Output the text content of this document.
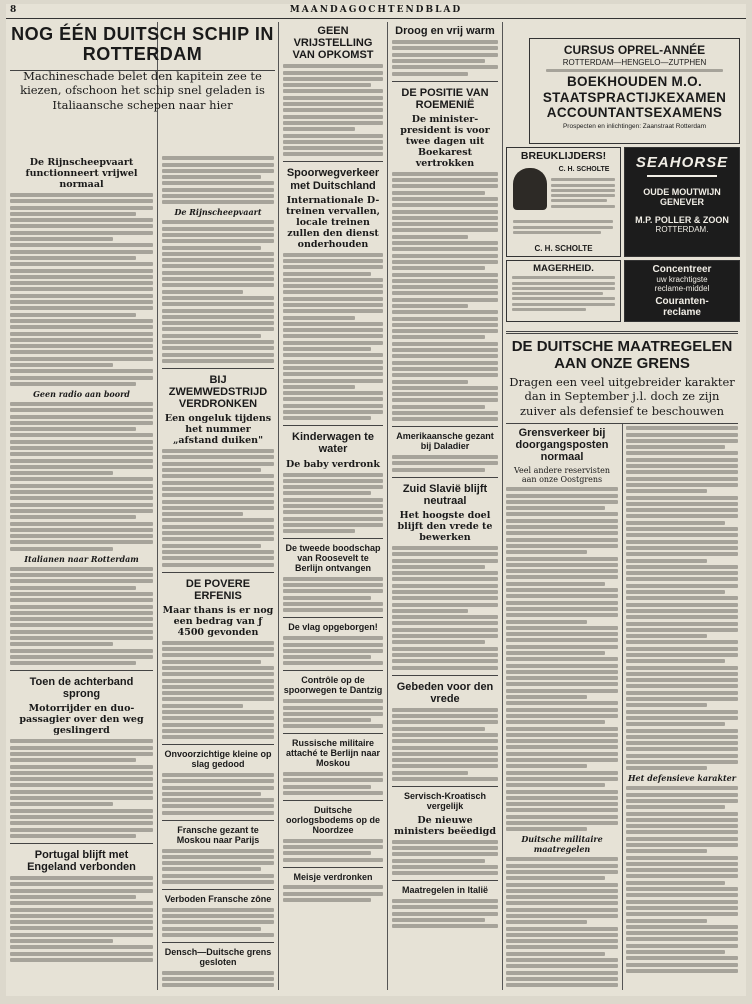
8	MAANDAGOCHTENDBLAD
NOG ÉÉN DUITSCH SCHIP IN ROTTERDAM
Machineschade belet den kapitein zee te kiezen, ofschoon het schip snel geladen is Italiaansche schepen naar hier
De Rijnscheepvaart functionneert vrijwel normaal
Geen radio aan boord
Italianen naar Rotterdam
Toen de achterband sprong
Motorrijder en duo-passagier over den weg geslingerd
Portugal blijft met Engeland verbonden
De Rijnscheepvaart
BIJ ZWEMWEDSTRIJD VERDRONKEN
Een ongeluk tijdens het nummer „afstand duiken"
DE POVERE ERFENIS
Maar thans is er nog een bedrag van ƒ 4500 gevonden
Onvoorzichtige kleine op slag gedood
Fransche gezant te Moskou naar Parijs
Verboden Fransche zône
Densch—Duitsche grens gesloten
GEEN VRIJSTELLING VAN OPKOMST
Spoorwegverkeer met Duitschland
Internationale D-treinen vervallen, locale treinen zullen den dienst onderhouden
Kinderwagen te water
De baby verdronk
De tweede boodschap van Roosevelt te Berlijn ontvangen
De vlag opgeborgen!
Contrôle op de spoorwegen te Dantzig
Russische militaire attaché te Berlijn naar Moskou
Duitsche oorlogsbodems op de Noordzee
Meisje verdronken
Droog en vrij warm
DE POSITIE VAN ROEMENIË
De minister-president is voor twee dagen uit Boekarest vertrokken
Amerikaansche gezant bij Daladier
Zuid Slavië blijft neutraal
Het hoogste doel blijft den vrede te bewerken
Gebeden voor den vrede
Servisch-Kroatisch vergelijk
De nieuwe ministers beëedigd
Maatregelen in Italië
CURSUS OPREL-ANNÉE
ROTTERDAM—HENGELO—ZUTPHEN
BOEKHOUDEN M.O. STAATSPRACTIJKEXAMEN ACCOUNTANTSEXAMENS
Prospecten en inlichtingen: Zaanstraat Rotterdam
BREUKLIJDERS!
C. H. SCHOLTE
C. H. SCHOLTE
SEAHORSE
OUDE MOUTWIJN
GENEVER
M.P. POLLER & ZOON
ROTTERDAM.
MAGERHEID.	Concentreer
uw krachtigste
reclame-middel
Couranten-
reclame
DE DUITSCHE MAATREGELEN AAN ONZE GRENS
Dragen een veel uitgebreider karakter dan in September j.l. doch ze zijn zuiver als defensief te beschouwen
Grensverkeer bij doorgangsposten normaal
Veel andere reservisten aan onze Oostgrens
Duitsche militaire maatregelen
Het defensieve karakter
